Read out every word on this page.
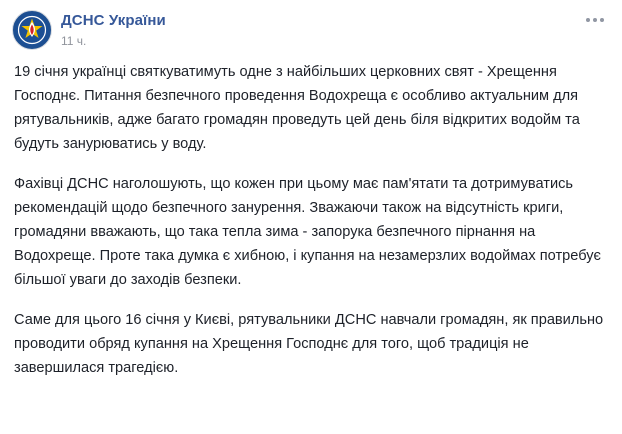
ДСНС України
11 ч.

19 січня українці святкуватимуть одне з найбільших церковних свят - Хрещення Господнє. Питання безпечного проведення Водохреща є особливо актуальним для рятувальників, адже багато громадян проведуть цей день біля відкритих водойм та будуть занурюватись у воду.

Фахівці ДСНС наголошують, що кожен при цьому має пам'ятати та дотримуватись рекомендацій щодо безпечного занурення. Зважаючи також на відсутність криги, громадяни вважають, що така тепла зима - запорука безпечного пірнання на Водохреще. Проте така думка є хибною, і купання на незамерзлих водоймах потребує більшої уваги до заходів безпеки.

Саме для цього 16 січня у Києві, рятувальники ДСНС навчали громадян, як правильно проводити обряд купання на Хрещення Господнє для того, щоб традиція не завершилася трагедією.
